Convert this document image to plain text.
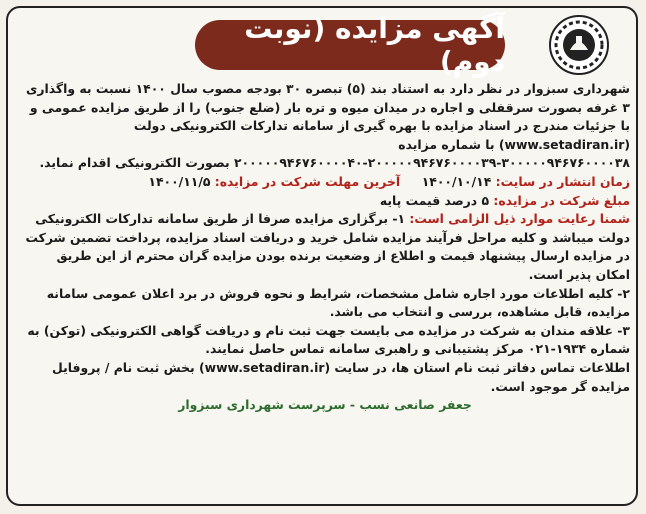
آگهی مزایده (نوبت دوم)

شهرداری سبزوار در نظر دارد به استناد بند (۵) تبصره ۳۰ بودجه مصوب سال ۱۴۰۰ نسبت به واگذاری ۳ غرفه بصورت سرقفلی و اجاره در میدان میوه و تره بار (ضلع جنوب) را از طریق مزایده عمومی و با جزئیات مندرج در اسناد مزایده با بهره گیری از سامانه تدارکات الکترونیکی دولت (www.setadiran.ir) با شماره مزایده ۳۰۰۰۰۰۹۴۶۷۶۰۰۰۰۳۸-۲۰۰۰۰۰۹۴۶۷۶۰۰۰۰۳۹-۲۰۰۰۰۰۹۴۶۷۶۰۰۰۰۴۰ بصورت الکترونیکی اقدام نماید.

زمان انتشار در سایت: ۱۴۰۰/۱۰/۱۴     آخرین مهلت شرکت در مزایده: ۱۴۰۰/۱۱/۵

مبلغ شرکت در مزایده: ۵ درصد قیمت پایه

شمنا رعایت موارد ذیل الزامی است: ۱- برگزاری مزایده صرفا از طریق سامانه تدارکات الکترونیکی دولت میباشد و کلیه مراحل فرآیند مزایده شامل خرید و دریافت اسناد مزایده، پرداخت تضمین شرکت در مزایده ارسال پیشنهاد قیمت و اطلاع از وضعیت برنده بودن مزایده گران محترم از این طریق امکان پذیر است.

۲- کلیه اطلاعات مورد اجاره شامل مشخصات، شرایط و نحوه فروش در برد اعلان عمومی سامانه مزایده، قابل مشاهده، بررسی و انتخاب می باشد.

۳- علاقه مندان به شرکت در مزایده می بایست جهت ثبت نام و دریافت گواهی الکترونیکی (توکن) به شماره ۱۹۳۴-۰۲۱ مرکز پشتیبانی و راهبری سامانه تماس حاصل نمایند.

اطلاعات تماس دفاتر ثبت نام استان ها، در سایت (www.setadiran.ir) بخش ثبت نام / پروفایل مزایده گر موجود است.

جعفر صانعی نسب - سرپرست شهرداری سبزوار
